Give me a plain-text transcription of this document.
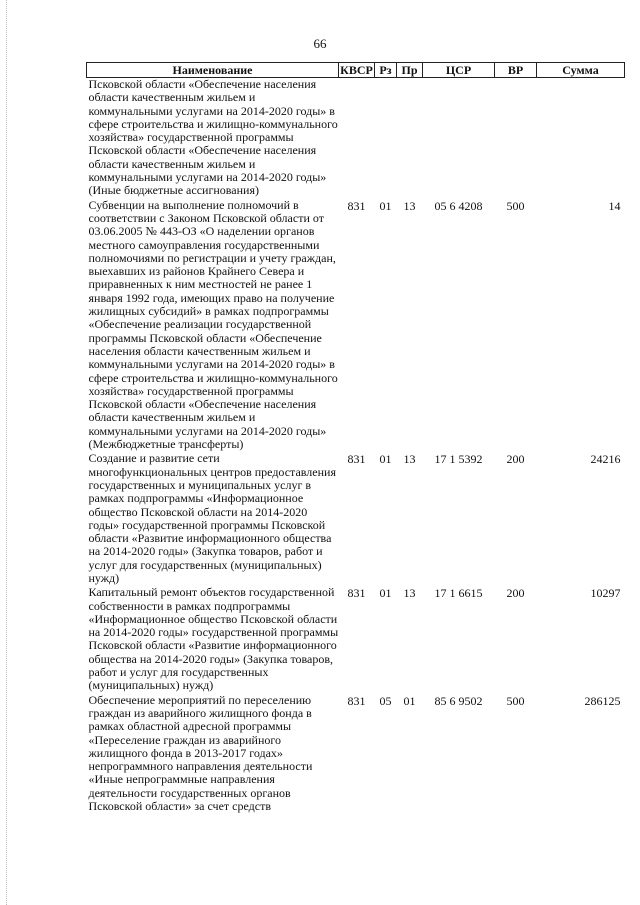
66
Наименование	КВСР	Рз	Пр	ЦСР	ВР	Сумма
Псковской области «Обеспечение населения области качественным жильем и коммунальными услугами на 2014-2020 годы» в сфере строительства и жилищно-коммунального хозяйства» государственной программы Псковской области «Обеспечение населения области качественным жильем и коммунальными услугами на 2014-2020 годы» (Иные бюджетные ассигнования)						
Субвенции на выполнение полномочий в соответствии с Законом Псковской области от 03.06.2005 № 443-ОЗ «О наделении органов местного самоуправления государственными полномочиями по регистрации и учету граждан, выехавших из районов Крайнего Севера и приравненных к ним местностей не ранее 1 января 1992 года, имеющих право на получение жилищных субсидий» в рамках подпрограммы «Обеспечение реализации государственной программы Псковской области «Обеспечение населения области качественным жильем и коммунальными услугами на 2014-2020 годы» в сфере строительства и жилищно-коммунального хозяйства» государственной программы Псковской области «Обеспечение населения области качественным жильем и коммунальными услугами на 2014-2020 годы» (Межбюджетные трансферты)	831	01	13	05 6 4208	500	14
Создание и развитие сети многофункциональных центров предоставления государственных и муниципальных услуг в рамках подпрограммы «Информационное общество Псковской области на 2014-2020 годы» государственной программы Псковской области «Развитие информационного общества на 2014-2020 годы» (Закупка товаров, работ и услуг для государственных (муниципальных) нужд)	831	01	13	17 1 5392	200	24216
Капитальный ремонт объектов государственной собственности в рамках подпрограммы «Информационное общество Псковской области на 2014-2020 годы» государственной программы Псковской области «Развитие информационного общества на 2014-2020 годы» (Закупка товаров, работ и услуг для государственных (муниципальных) нужд)	831	01	13	17 1 6615	200	10297
Обеспечение мероприятий по переселению граждан из аварийного жилищного фонда в рамках областной адресной программы «Переселение граждан из аварийного жилищного фонда в 2013-2017 годах» непрограммного направления деятельности «Иные непрограммные направления деятельности государственных органов Псковской области» за счет средств	831	05	01	85 6 9502	500	286125
